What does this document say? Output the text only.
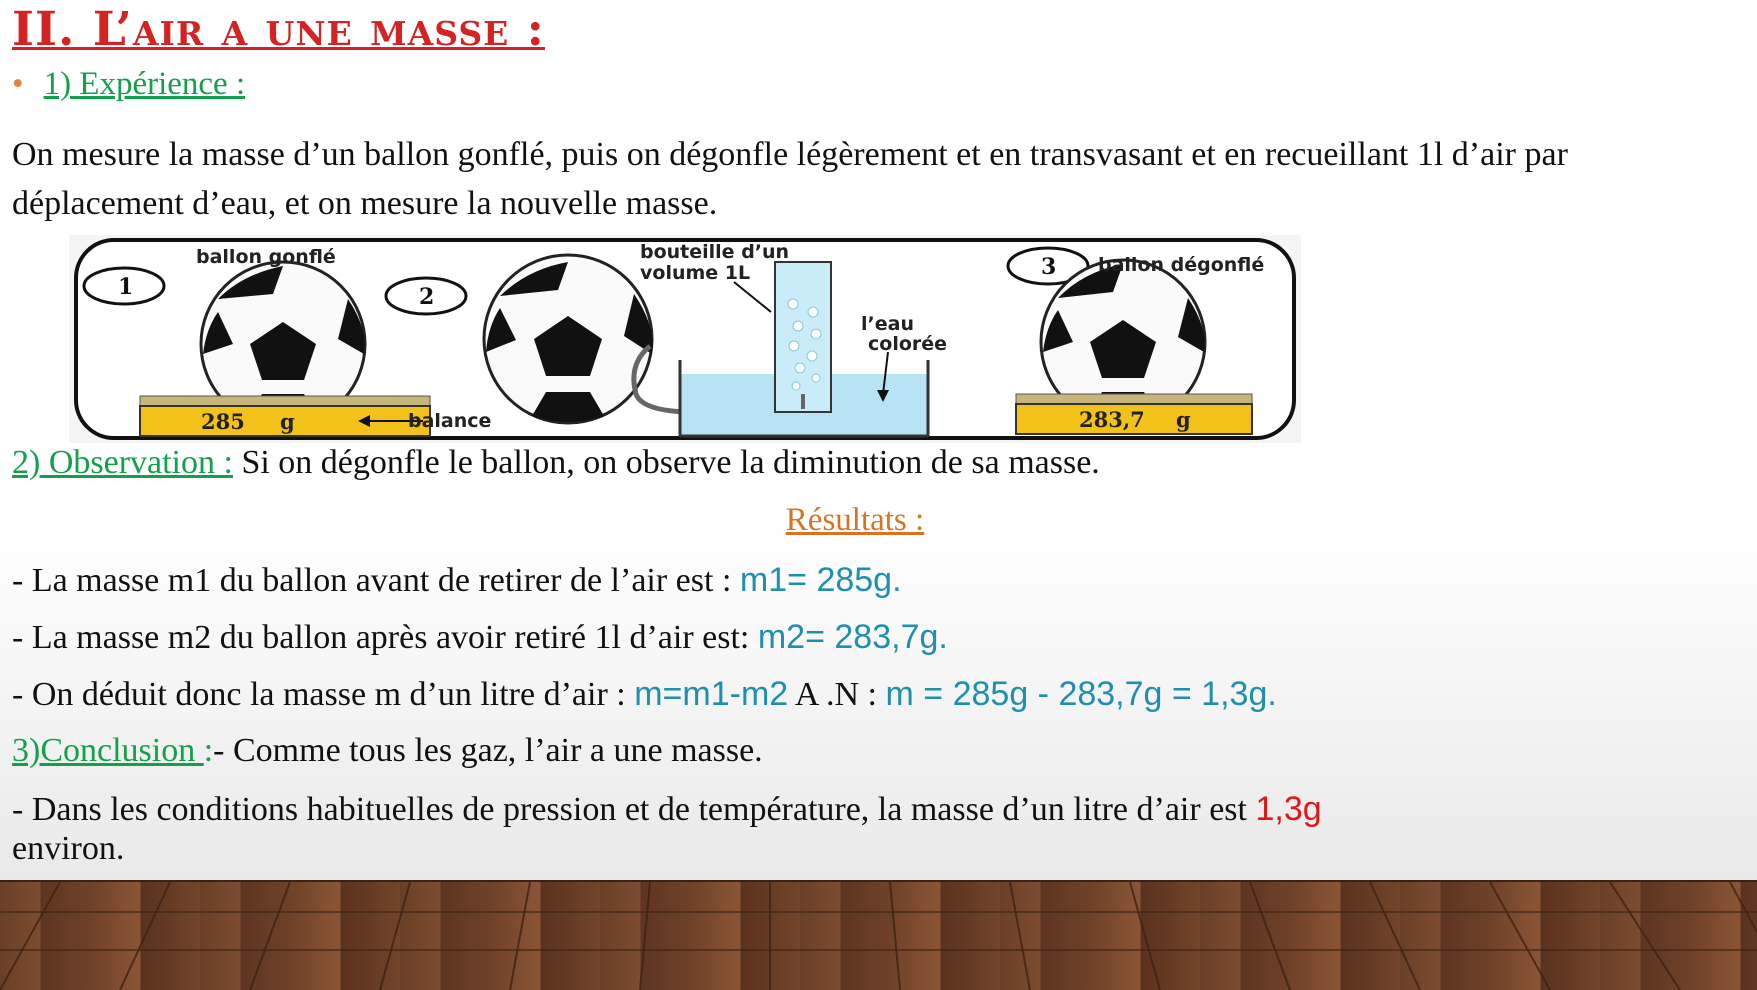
II. L’air a une masse :
• 1) Expérience :
On mesure la masse d’un ballon gonflé, puis on dégonfle légèrement et en transvasant et en recueillant 1l d’air par déplacement d’eau, et on mesure la nouvelle masse.
285 g
1	2
3
ballon gonflé
balance
bouteille d’un
volume 1L
l’eau
colorée
283,7 g
ballon dégonflé
2) Observation : Si on dégonfle le ballon, on observe la diminution de sa masse.
Résultats :
- La masse m1 du ballon avant de retirer de l’air est : m1= 285g.
- La masse m2 du ballon après avoir retiré 1l d’air est: m2= 283,7g.
- On déduit donc la masse m d’un litre d’air : m=m1-m2 A .N : m = 285g - 283,7g = 1,3g.
3)Conclusion :- Comme tous les gaz, l’air a une masse.
- Dans les conditions habituelles de pression et de température, la masse d’un litre d’air est 1,3g
environ.
